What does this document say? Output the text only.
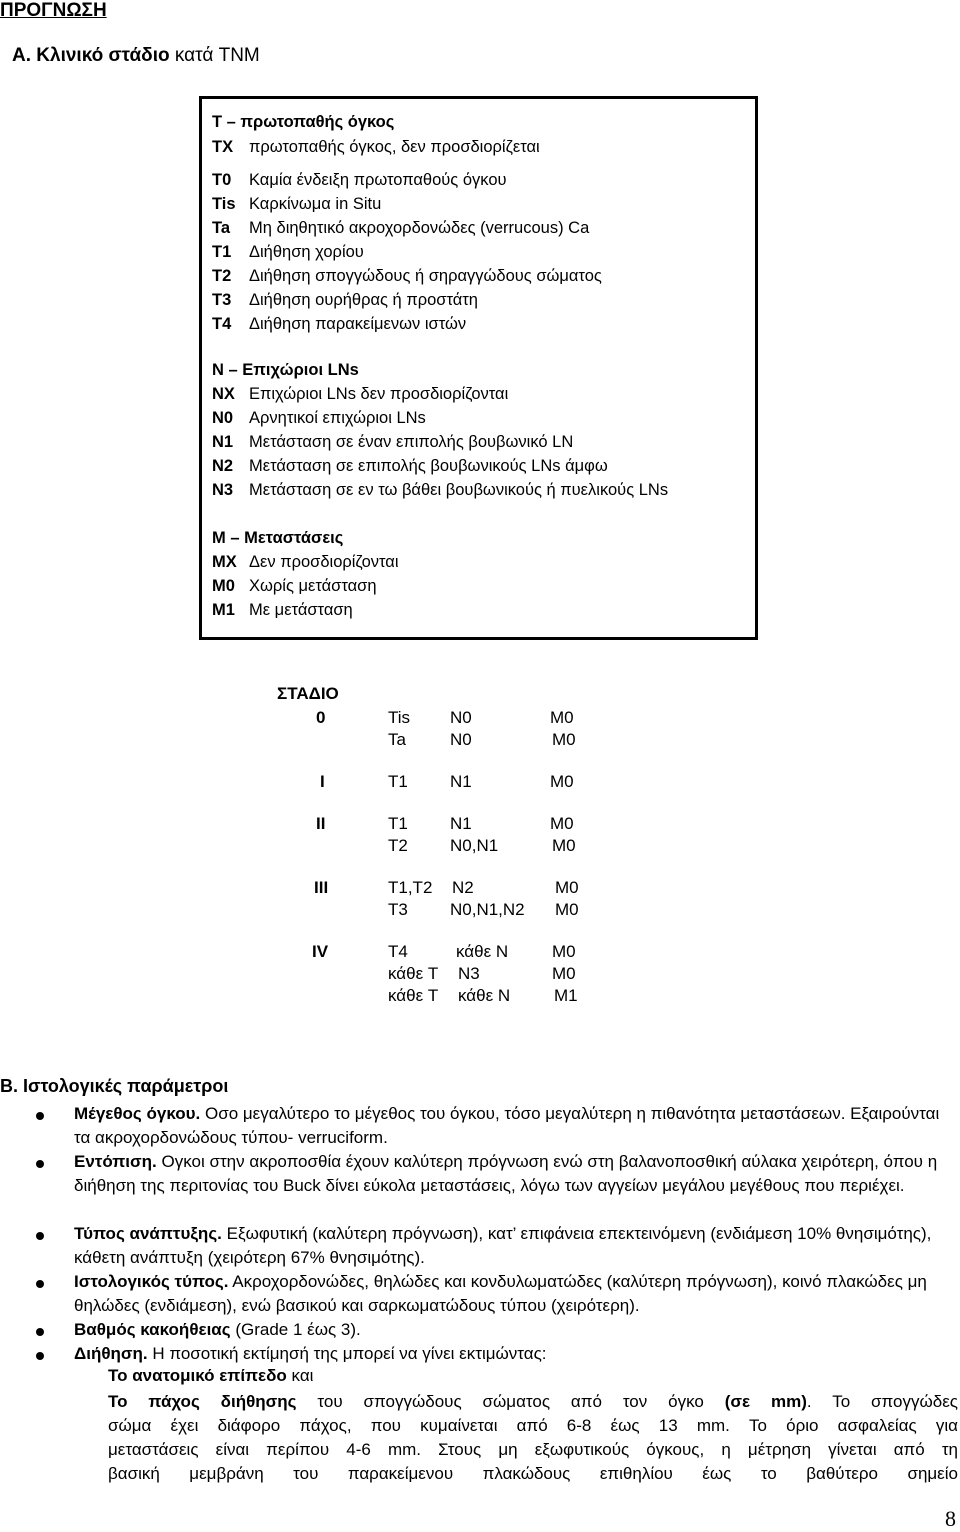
ΠΡΟΓΝΩΣΗ
Α. Κλινικό στάδιο κατά TNM
Τ – πρωτοπαθής όγκος
ΤΧ πρωτοπαθής όγκος, δεν προσδιορίζεται
Τ0 Καμία ένδειξη πρωτοπαθούς όγκου
Tis Καρκίνωμα in Situ
Ta Μη διηθητικό ακροχορδονώδες (verrucous) Ca
Τ1 Διήθηση χορίου
Τ2 Διήθηση σπογγώδους ή σηραγγώδους σώματος
Τ3 Διήθηση ουρήθρας ή προστάτη
Τ4 Διήθηση παρακείμενων ιστών
Ν – Επιχώριοι LNs
NX Επιχώριοι LNs δεν προσδιορίζονται
N0 Αρνητικοί επιχώριοι LNs
N1 Μετάσταση σε έναν επιπολής βουβωνικό LN
N2 Μετάσταση σε επιπολής βουβωνικούς LNs άμφω
N3 Μετάσταση σε εν τω βάθει βουβωνικούς ή πυελικούς LNs
Μ – Μεταστάσεις
ΜΧ Δεν προσδιορίζονται
Μ0 Χωρίς μετάσταση
Μ1 Με μετάσταση
ΣΤΑΔΙΟ
0	Tis N0	M0
Ta	N0	M0
I	T1 N1	M0
II	T1 N1	M0
T2 N0,N1	M0
III	T1,T2 N2	M0
T3 N0,N1,N2 M0
IV	T4	κάθε N	M0
κάθε T N3	M0
κάθε T κάθε N	M1
Β. Ιστολογικές παράμετροι
Μέγεθος όγκου. Οσο μεγαλύτερο το μέγεθος του όγκου, τόσο μεγαλύτερη η πιθανότητα μεταστάσεων. Εξαιρούνται τα ακροχορδονώδους τύπου- verruciform.
Εντόπιση. Ογκοι στην ακροποσθία έχουν καλύτερη πρόγνωση ενώ στη βαλανοποσθική αύλακα χειρότερη, όπου η διήθηση της περιτονίας του Buck δίνει εύκολα μεταστάσεις, λόγω των αγγείων μεγάλου μεγέθους που περιέχει.
Τύπος ανάπτυξης. Εξωφυτική (καλύτερη πρόγνωση), κατ’ επιφάνεια επεκτεινόμενη (ενδιάμεση 10% θνησιμότης), κάθετη ανάπτυξη (χειρότερη 67% θνησιμότης).
Ιστολογικός τύπος. Ακροχορδονώδες, θηλώδες και κονδυλωματώδες (καλύτερη πρόγνωση), κοινό πλακώδες μη θηλώδες (ενδιάμεση), ενώ βασικού και σαρκωματώδους τύπου (χειρότερη).
Βαθμός κακοήθειας (Grade 1 έως 3).
Διήθηση. Η ποσοτική εκτίμησή της μπορεί να γίνει εκτιμώντας:
Το ανατομικό επίπεδο και
Το πάχος διήθησης του σπογγώδους σώματος από τον όγκο (σε mm). Το σπογγώδες
σώμα έχει διάφορο πάχος, που κυμαίνεται από 6-8 έως 13 mm. Το όριο ασφαλείας για
μεταστάσεις είναι περίπου 4-6 mm. Στους μη εξωφυτικούς όγκους, η μέτρηση γίνεται από τη
βασική μεμβράνη του παρακείμενου πλακώδους επιθηλίου έως το βαθύτερο σημείο
8
